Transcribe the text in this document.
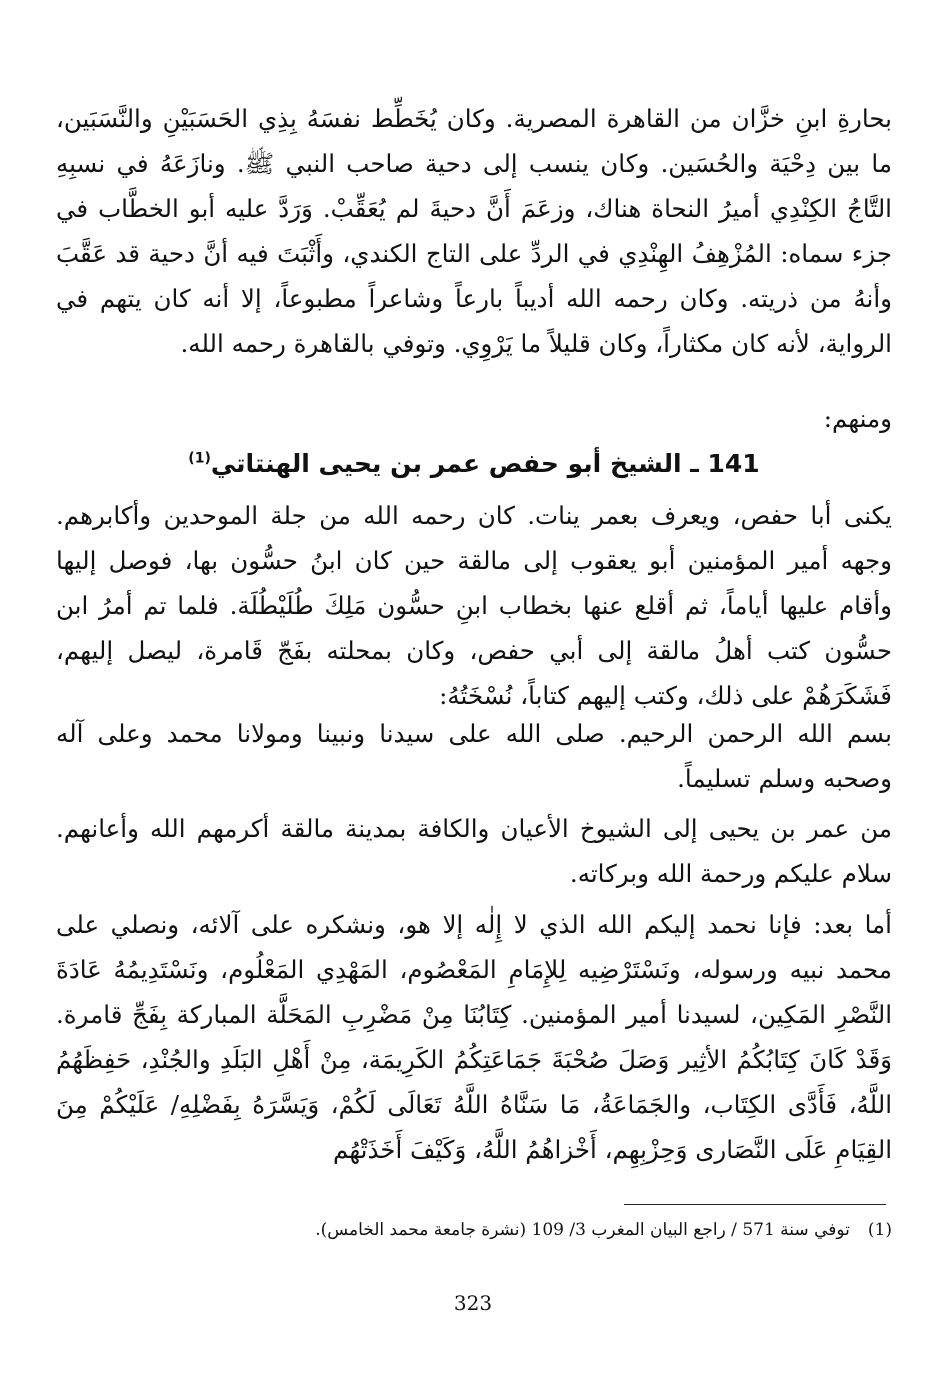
بحارةِ ابنِ خزَّان من القاهرة المصرية. وكان يُخَطِّط نفسَهُ بِذِي الحَسَبَيْنِ والنَّسَبَين، ما بين دِحْيَة والحُسَين. وكان ينسب إلى دحية صاحب النبي ﷺ. ونازَعَهُ في نسبِهِ التَّاجُ الكِنْدِي أميرُ النحاة هناك، وزعَمَ أَنَّ دحيةَ لم يُعَقِّبْ. وَرَدَّ عليه أبو الخطَّاب في جزء سماه: المُزْهِفُ الهِنْدِي في الردِّ على التاج الكندي، وأَثْبَتَ فيه أنَّ دحية قد عَقَّبَ وأنهُ من ذريته. وكان رحمه الله أديباً بارعاً وشاعراً مطبوعاً، إلا أنه كان يتهم في الرواية، لأنه كان مكثاراً، وكان قليلاً ما يَرْوِي. وتوفي بالقاهرة رحمه الله.

ومنهم:

141 ـ الشيخ أبو حفص عمر بن يحيى الهنتاتي$^{(1)}$

يكنى أبا حفص، ويعرف بعمر ينات. كان رحمه الله من جلة الموحدين وأكابرهم. وجهه أمير المؤمنين أبو يعقوب إلى مالقة حين كان ابنُ حسُّون بها، فوصل إليها وأقام عليها أياماً، ثم أقلع عنها بخطاب ابنِ حسُّون مَلِكَ طُلَيْطُلَة. فلما تم أمرُ ابن حسُّون كتب أهلُ مالقة إلى أبي حفص، وكان بمحلته بفَجّ قَامرة، ليصل إليهم، فَشَكَرَهُمْ على ذلك، وكتب إليهم كتاباً، نُسْخَتُهُ:

بسم الله الرحمن الرحيم. صلى الله على سيدنا ونبينا ومولانا محمد وعلى آله وصحبه وسلم تسليماً.

من عمر بن يحيى إلى الشيوخ الأعيان والكافة بمدينة مالقة أكرمهم الله وأعانهم. سلام عليكم ورحمة الله وبركاته.

أما بعد: فإنا نحمد إليكم الله الذي لا إِلٰه إلا هو، ونشكره على آلائه، ونصلي على محمد نبيه ورسوله، ونَسْتَرْضِيه لِلإِمَامِ المَعْصُوم، المَهْدِي المَعْلُوم، ونَسْتَدِيمُهُ عَادَةَ النَّصْرِ المَكِين، لسيدنا أمير المؤمنين. كِتَابُنَا مِنْ مَضْرِبِ المَحَلَّة المباركة بِفَجِّ قامرة. وَقَدْ كَانَ كِتَابُكُمُ الأثِير وَصَلَ صُحْبَةَ جَمَاعَتِكُمُ الكَرِيمَة، مِنْ أَهْلِ البَلَدِ والجُنْدِ، حَفِظَهُمُ اللَّهُ، فَأَدَّى الكِتَاب، والجَمَاعَةُ، مَا سَنَّاهُ اللَّهُ تَعَالَى لَكُمْ، وَيَسَّرَهُ بِفَضْلِهِ/ عَلَيْكُمْ مِنَ القِيَامِ عَلَى النَّصَارى وَحِزْبِهِم، أَخْزاهُمُ اللَّهُ، وَكَيْفَ أَخَذَتْهُم

(1)توفي سنة 571 / راجع البيان المغرب 3/ 109 (نشرة جامعة محمد الخامس).
323
